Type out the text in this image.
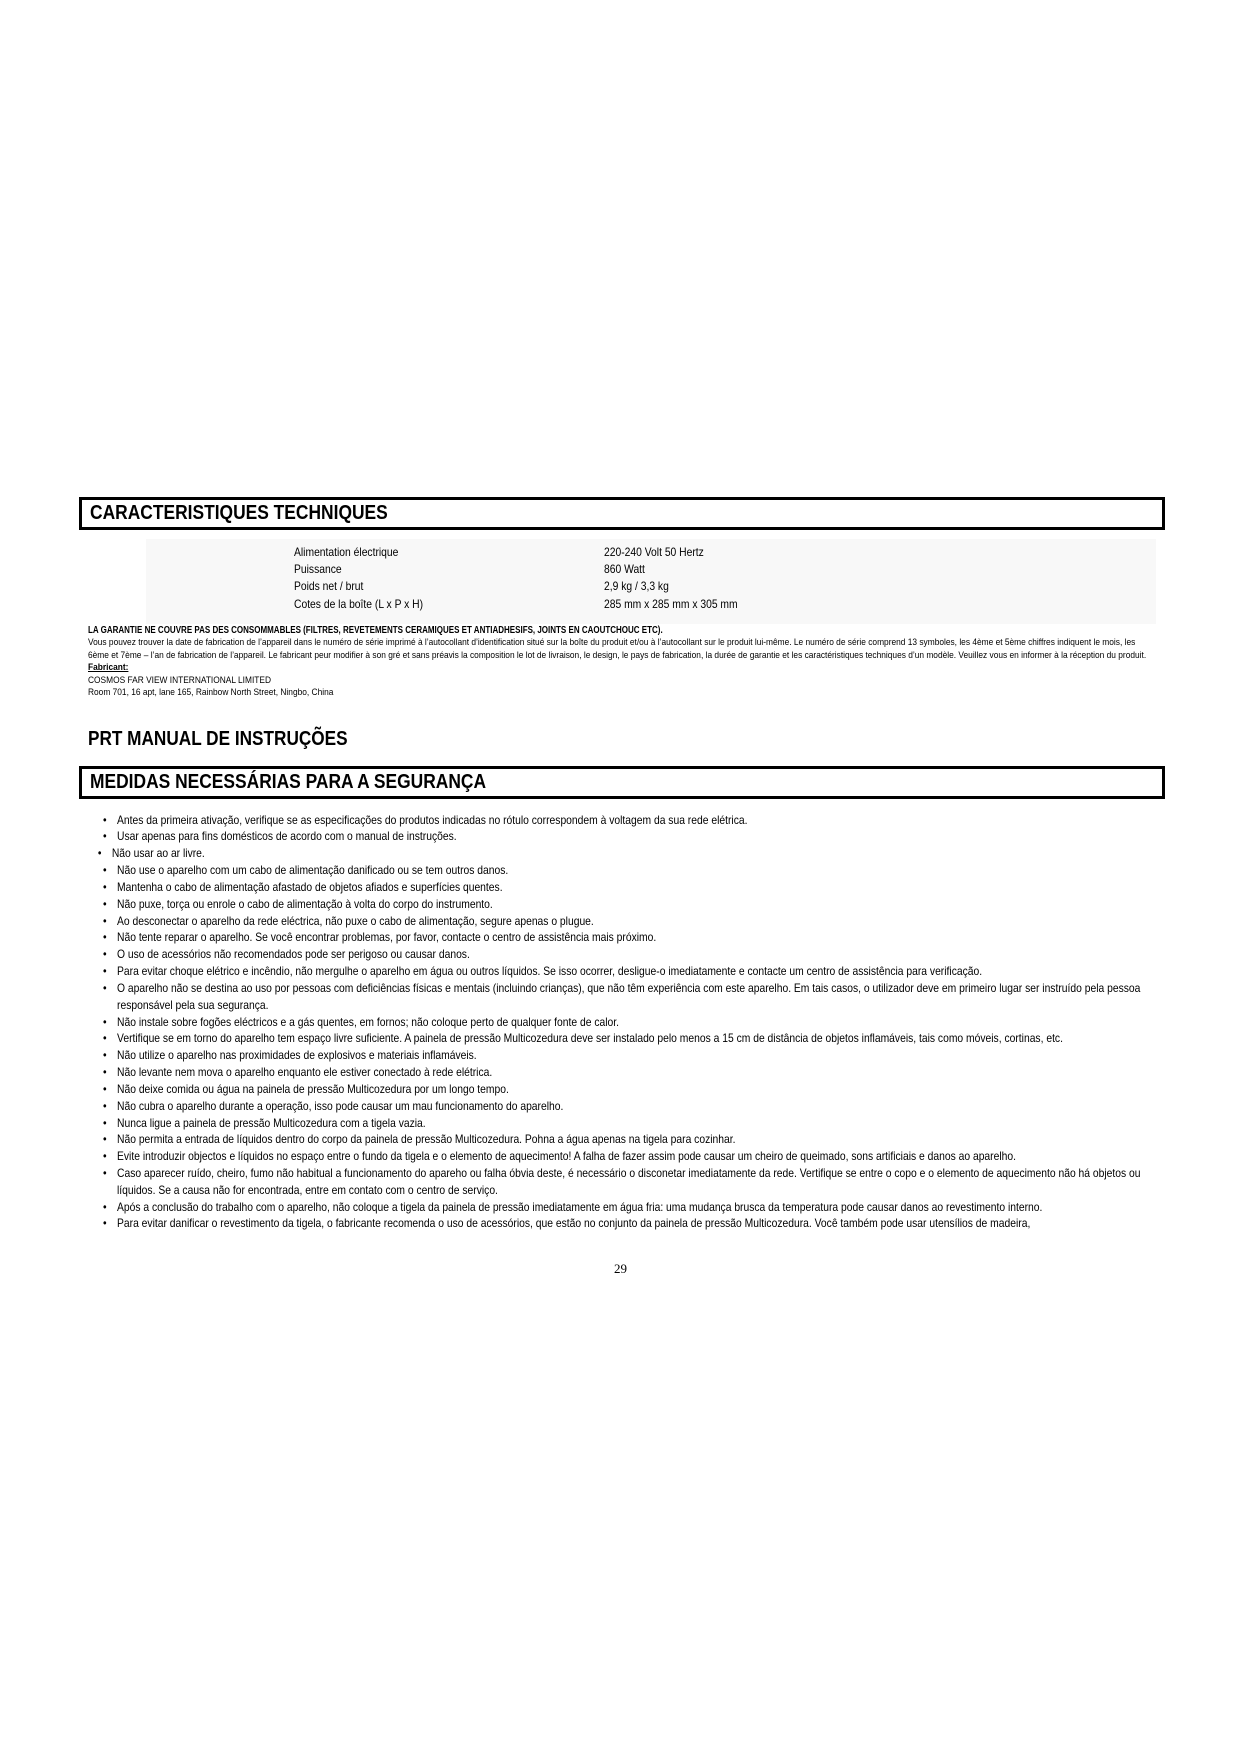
CARACTERISTIQUES TECHNIQUES
Alimentation électrique	220-240 Volt 50 Hertz
Puissance	860 Watt
Poids net / brut	2,9 kg / 3,3 kg
Cotes de la boîte (L x P x H)	285 mm x 285 mm x 305 mm
LA GARANTIE NE COUVRE PAS DES CONSOMMABLES (FILTRES, REVETEMENTS CERAMIQUES ET ANTIADHESIFS, JOINTS EN CAOUTCHOUC ETC).

Vous pouvez trouver la date de fabrication de l’appareil dans le numéro de série imprimé à l’autocollant d’identification situé sur la boîte du produit et/ou à l’autocollant sur le produit lui-même. Le numéro de série comprend 13 symboles, les 4ème et 5ème chiffres indiquent le mois, les 6ème et 7ème – l’an de fabrication de l’appareil. Le fabricant peur modifier à son gré et sans préavis la composition le lot de livraison, le design, le pays de fabrication, la durée de garantie et les caractéristiques techniques d’un modèle. Veuillez vous en informer à la réception du produit.

Fabricant:

COSMOS FAR VIEW INTERNATIONAL LIMITED

Room 701, 16 apt, lane 165, Rainbow North Street, Ningbo, China

PRT MANUAL DE INSTRUÇÕES
MEDIDAS NECESSÁRIAS PARA A SEGURANÇA
• Antes da primeira ativação, verifique se as especificações do produtos indicadas no rótulo correspondem à voltagem da sua rede elétrica.
• Usar apenas para fins domésticos de acordo com o manual de instruções.
• Não usar ao ar livre.
• Não use o aparelho com um cabo de alimentação danificado ou se tem outros danos.
• Mantenha o cabo de alimentação afastado de objetos afiados e superfícies quentes.
• Não puxe, torça ou enrole o cabo de alimentação à volta do corpo do instrumento.
• Ao desconectar o aparelho da rede eléctrica, não puxe o cabo de alimentação, segure apenas o plugue.
• Não tente reparar o aparelho. Se você encontrar problemas, por favor, contacte o centro de assistência mais próximo.
• O uso de acessórios não recomendados pode ser perigoso ou causar danos.
• Para evitar choque elétrico e incêndio, não mergulhe o aparelho em água ou outros líquidos. Se isso ocorrer, desligue-o imediatamente e contacte um centro de assistência para verificação.
• O aparelho não se destina ao uso por pessoas com deficiências físicas e mentais (incluindo crianças), que não têm experiência com este aparelho. Em tais casos, o utilizador deve em primeiro lugar ser instruído pela pessoa responsável pela sua segurança.
• Não instale sobre fogões eléctricos e a gás quentes, em fornos; não coloque perto de qualquer fonte de calor.
• Vertifique se em torno do aparelho tem espaço livre suficiente. A painela de pressão Multicozedura deve ser instalado pelo menos a 15 cm de distância de objetos inflamáveis, tais como móveis, cortinas, etc.
• Não utilize o aparelho nas proximidades de explosivos e materiais inflamáveis.
• Não levante nem mova o aparelho enquanto ele estiver conectado à rede elétrica.
• Não deixe comida ou água na painela de pressão Multicozedura por um longo tempo.
• Não cubra o aparelho durante a operação, isso pode causar um mau funcionamento do aparelho.
• Nunca ligue a painela de pressão Multicozedura com a tigela vazia.
• Não permita a entrada de líquidos dentro do corpo da painela de pressão Multicozedura. Pohna a água apenas na tigela para cozinhar.
• Evite introduzir objectos e líquidos no espaço entre o fundo da tigela e o elemento de aquecimento! A falha de fazer assim pode causar um cheiro de queimado, sons artificiais e danos ao aparelho.
• Caso aparecer ruído, cheiro, fumo não habitual a funcionamento do apareho ou falha óbvia deste, é necessário o disconetar imediatamente da rede. Vertifique se entre o copo e o elemento de aquecimento não há objetos ou líquidos. Se a causa não for encontrada, entre em contato com o centro de serviço.
• Após a conclusão do trabalho com o aparelho, não coloque a tigela da painela de pressão imediatamente em água fria: uma mudança brusca da temperatura pode causar danos ao revestimento interno.
• Para evitar danificar o revestimento da tigela, o fabricante recomenda o uso de acessórios, que estão no conjunto da painela de pressão Multicozedura. Você também pode usar utensílios de madeira,
29
